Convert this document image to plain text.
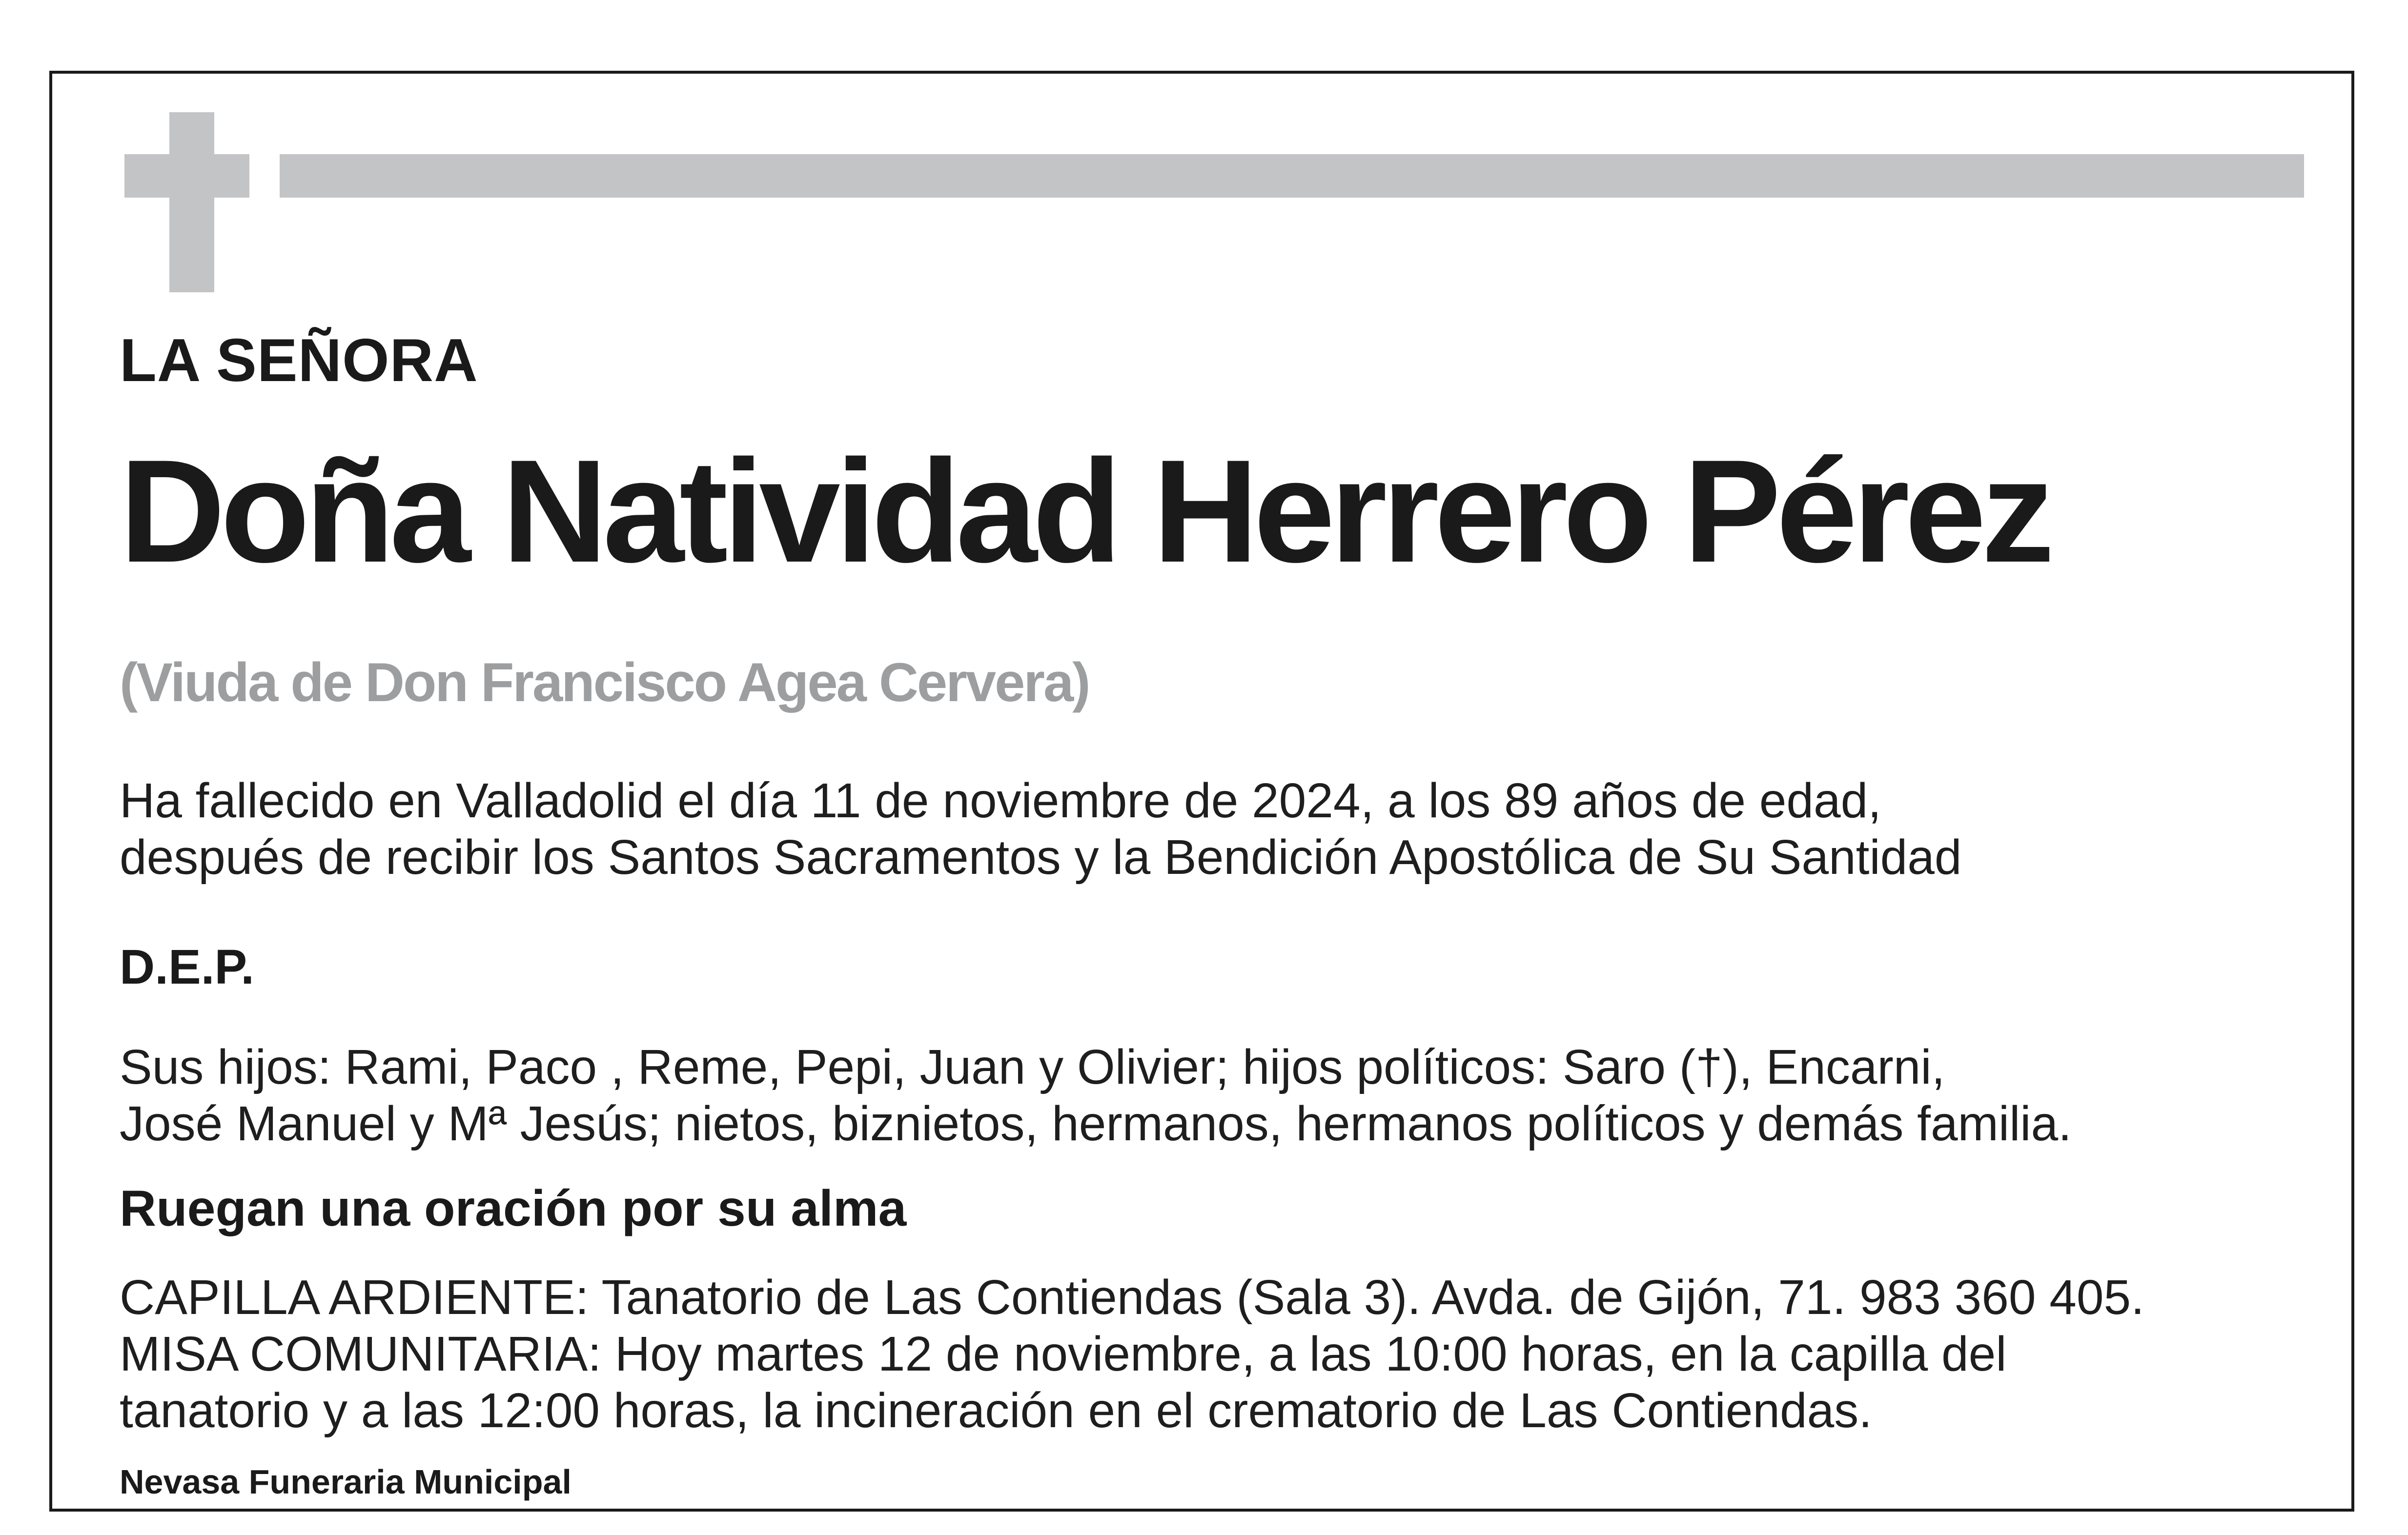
LA SEÑORA

Doña Natividad Herrero Pérez

(Viuda de Don Francisco Agea Cervera)

Ha fallecido en Valladolid el día 11 de noviembre de 2024, a los 89 años de edad,
después de recibir los Santos Sacramentos y la Bendición Apostólica de Su Santidad

D.E.P.

Sus hijos: Rami, Paco , Reme, Pepi, Juan y Olivier; hijos políticos: Saro (†), Encarni,
José Manuel y Mª Jesús; nietos, biznietos, hermanos, hermanos políticos y demás familia.

Ruegan una oración por su alma

CAPILLA ARDIENTE: Tanatorio de Las Contiendas (Sala 3). Avda. de Gijón, 71. 983 360 405.
MISA COMUNITARIA: Hoy martes 12 de noviembre, a las 10:00 horas, en la capilla del
tanatorio y a las 12:00 horas, la incineración en el crematorio de Las Contiendas.

Nevasa Funeraria Municipal
